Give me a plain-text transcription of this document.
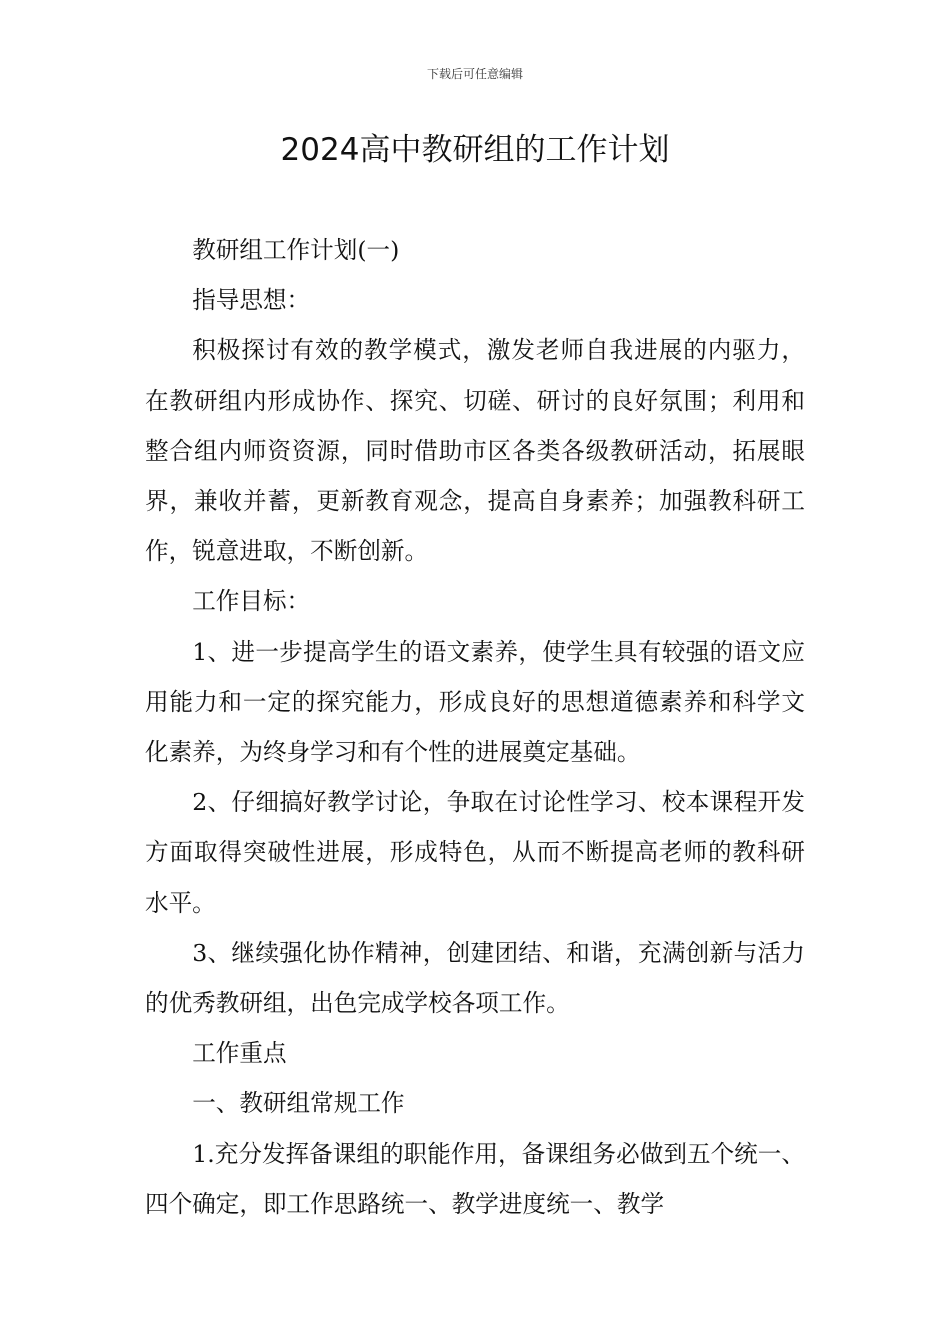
下载后可任意编辑
2024高中教研组的工作计划

教研组工作计划(一)

指导思想：

积极探讨有效的教学模式，激发老师自我进展的内驱力，在教研组内形成协作、探究、切磋、研讨的良好氛围；利用和整合组内师资资源，同时借助市区各类各级教研活动，拓展眼界，兼收并蓄，更新教育观念，提高自身素养；加强教科研工作，锐意进取，不断创新。

工作目标：

1、进一步提高学生的语文素养，使学生具有较强的语文应用能力和一定的探究能力，形成良好的思想道德素养和科学文化素养，为终身学习和有个性的进展奠定基础。

2、仔细搞好教学讨论，争取在讨论性学习、校本课程开发方面取得突破性进展，形成特色，从而不断提高老师的教科研水平。

3、继续强化协作精神，创建团结、和谐，充满创新与活力的优秀教研组，出色完成学校各项工作。

工作重点

一、教研组常规工作

1.充分发挥备课组的职能作用，备课组务必做到五个统一、四个确定，即工作思路统一、教学进度统一、教学
